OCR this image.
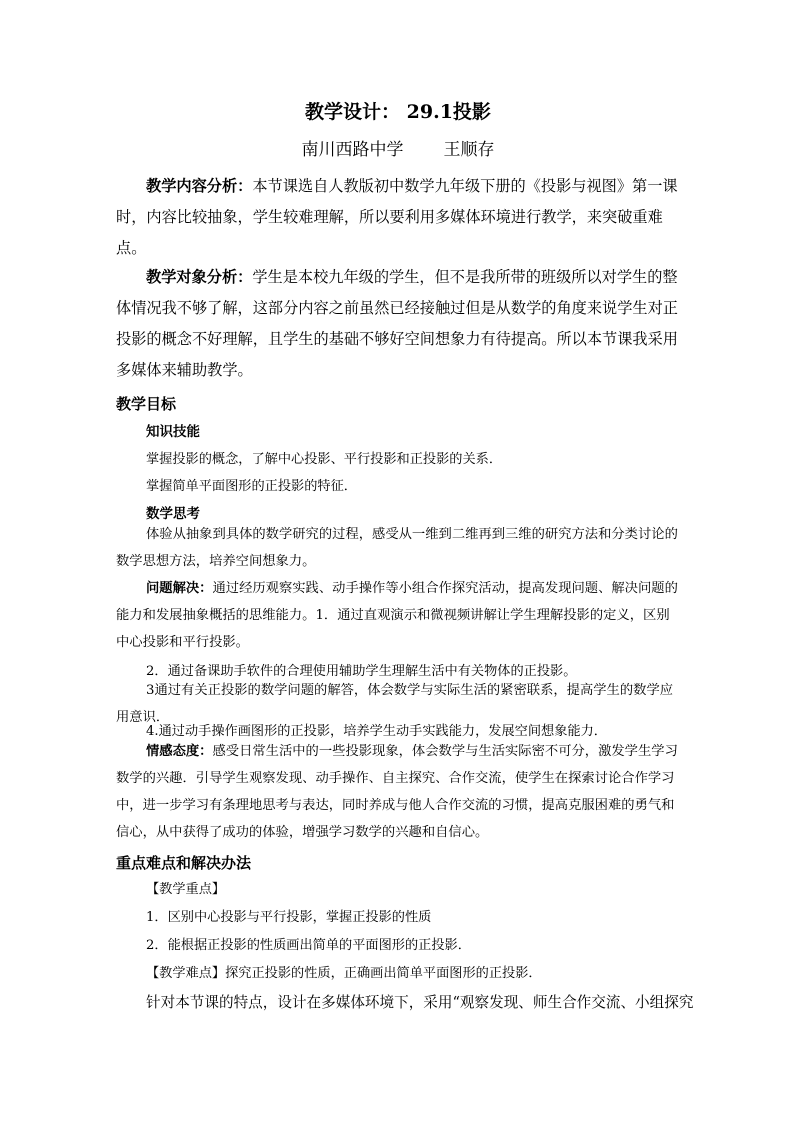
教学设计： 29.1投影
南川西路中学 王顺存

教学内容分析：本节课选自人教版初中数学九年级下册的《投影与视图》第一课时，内容比较抽象，学生较难理解，所以要利用多媒体环境进行教学，来突破重难点。

教学对象分析：学生是本校九年级的学生，但不是我所带的班级所以对学生的整体情况我不够了解，这部分内容之前虽然已经接触过但是从数学的角度来说学生对正投影的概念不好理解，且学生的基础不够好空间想象力有待提高。所以本节课我采用多媒体来辅助教学。

教学目标
知识技能
掌握投影的概念，了解中心投影、平行投影和正投影的关系．
掌握简单平面图形的正投影的特征．
数学思考

体验从抽象到具体的数学研究的过程，感受从一维到二维再到三维的研究方法和分类讨论的数学思想方法，培养空间想象力。

问题解决：通过经历观察实践、动手操作等小组合作探究活动，提高发现问题、解决问题的能力和发展抽象概括的思维能力。1．通过直观演示和微视频讲解让学生理解投影的定义，区别中心投影和平行投影。

2．通过备课助手软件的合理使用辅助学生理解生活中有关物体的正投影。

3通过有关正投影的数学问题的解答，体会数学与实际生活的紧密联系，提高学生的数学应用意识．

4.通过动手操作画图形的正投影，培养学生动手实践能力，发展空间想象能力．

情感态度：感受日常生活中的一些投影现象，体会数学与生活实际密不可分，激发学生学习数学的兴趣．引导学生观察发现、动手操作、自主探究、合作交流，使学生在探索讨论合作学习中，进一步学习有条理地思考与表达，同时养成与他人合作交流的习惯，提高克服困难的勇气和信心，从中获得了成功的体验，增强学习数学的兴趣和自信心。

重点难点和解决办法
【教学重点】
1．区别中心投影与平行投影，掌握正投影的性质
2．能根据正投影的性质画出简单的平面图形的正投影．
【教学难点】探究正投影的性质，正确画出简单平面图形的正投影．
针对本节课的特点，设计在多媒体环境下，采用“观察发现、师生合作交流、小组探究
